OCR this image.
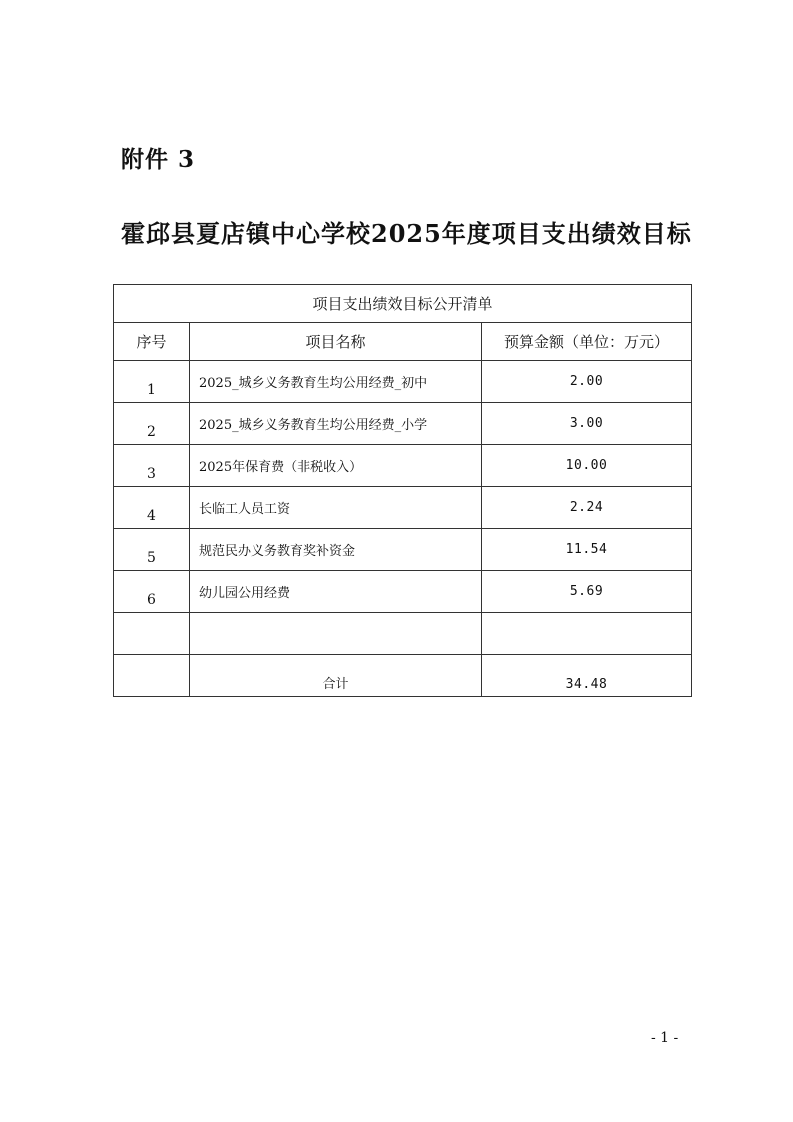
附件 3
霍邱县夏店镇中心学校2025年度项目支出绩效目标
项目支出绩效目标公开清单		
序号	项目名称	预算金额（单位：万元）
1	2025_城乡义务教育生均公用经费_初中	2.00
2	2025_城乡义务教育生均公用经费_小学	3.00
3	2025年保育费（非税收入）	10.00
4	长临工人员工资	2.24
5	规范民办义务教育奖补资金	11.54
6	幼儿园公用经费	5.69

	合计	34.48
- 1 -
